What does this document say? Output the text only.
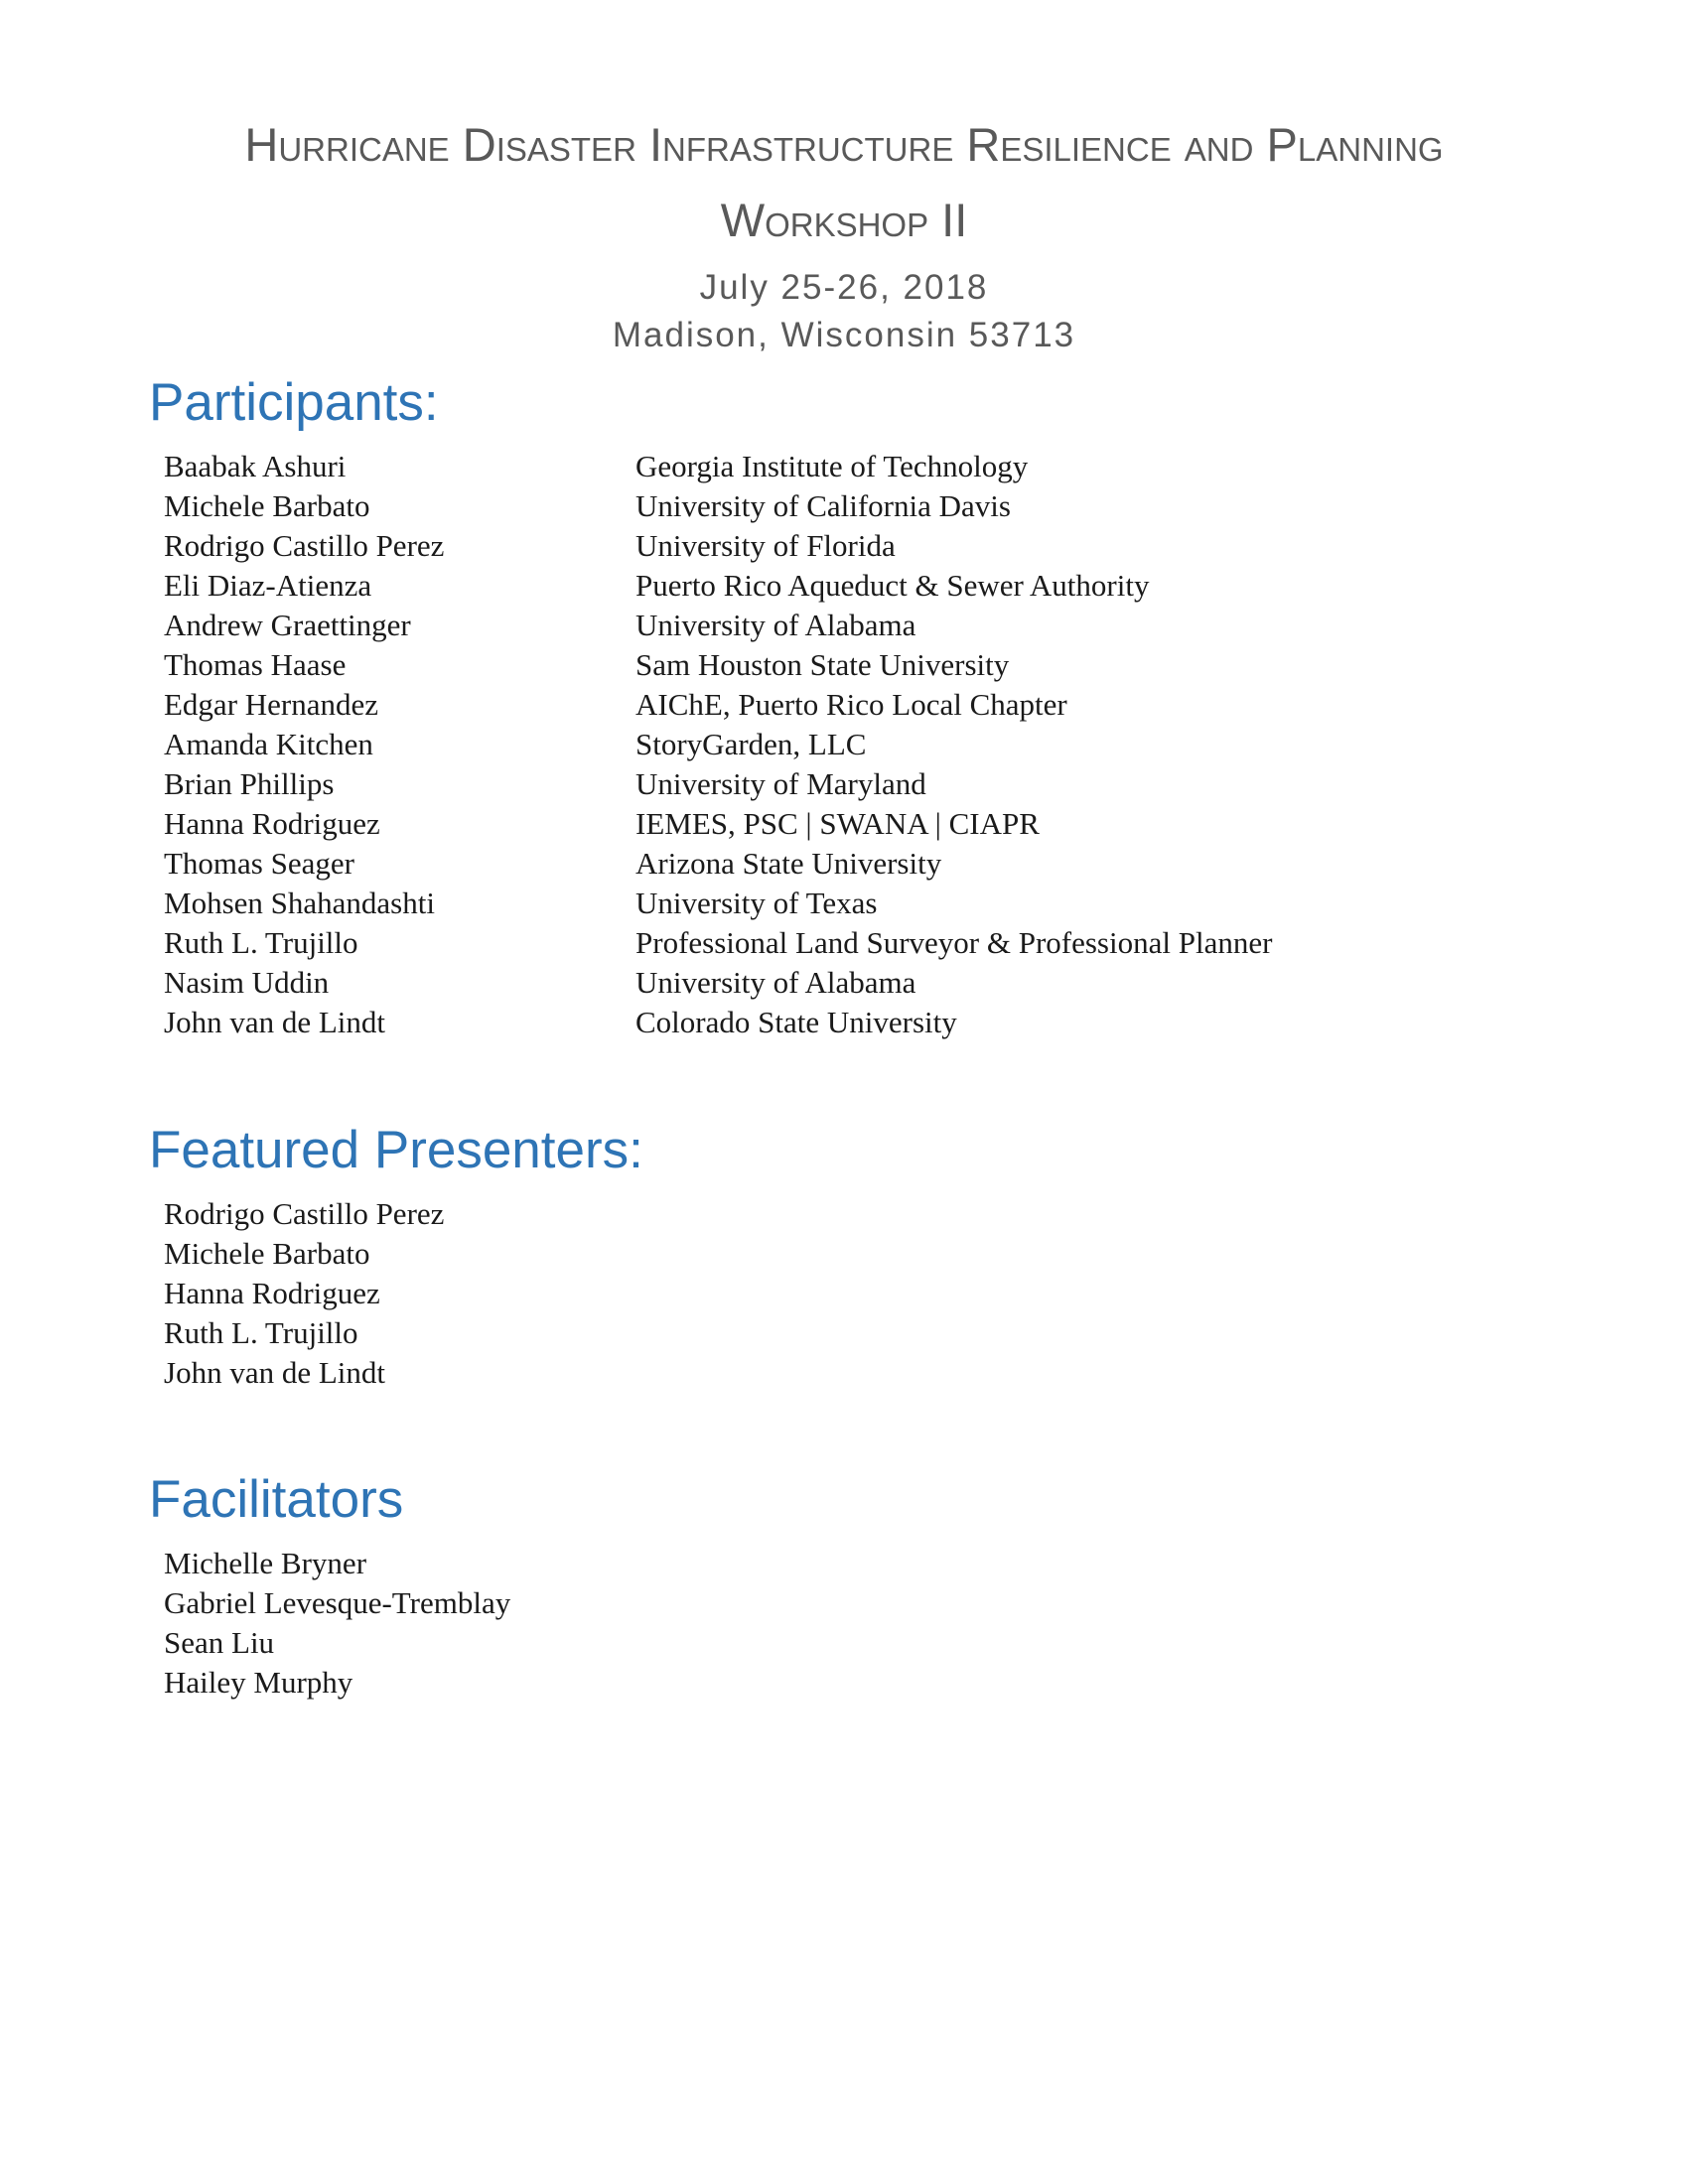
Hurricane Disaster Infrastructure Resilience and Planning
Workshop II
July 25-26, 2018
Madison, Wisconsin 53713
Participants:
Baabak Ashuri	Georgia Institute of Technology
Michele Barbato	University of California Davis
Rodrigo Castillo Perez	University of Florida
Eli Diaz-Atienza	Puerto Rico Aqueduct & Sewer Authority
Andrew Graettinger	University of Alabama
Thomas Haase	Sam Houston State University
Edgar Hernandez	AIChE, Puerto Rico Local Chapter
Amanda Kitchen	StoryGarden, LLC
Brian Phillips	University of Maryland
Hanna Rodriguez	IEMES, PSC | SWANA | CIAPR
Thomas Seager	Arizona State University
Mohsen Shahandashti	University of Texas
Ruth L. Trujillo	Professional Land Surveyor & Professional Planner
Nasim Uddin	University of Alabama
John van de Lindt	Colorado State University
Featured Presenters:
Rodrigo Castillo Perez
Michele Barbato
Hanna Rodriguez
Ruth L. Trujillo
John van de Lindt
Facilitators
Michelle Bryner
Gabriel Levesque-Tremblay
Sean Liu
Hailey Murphy
